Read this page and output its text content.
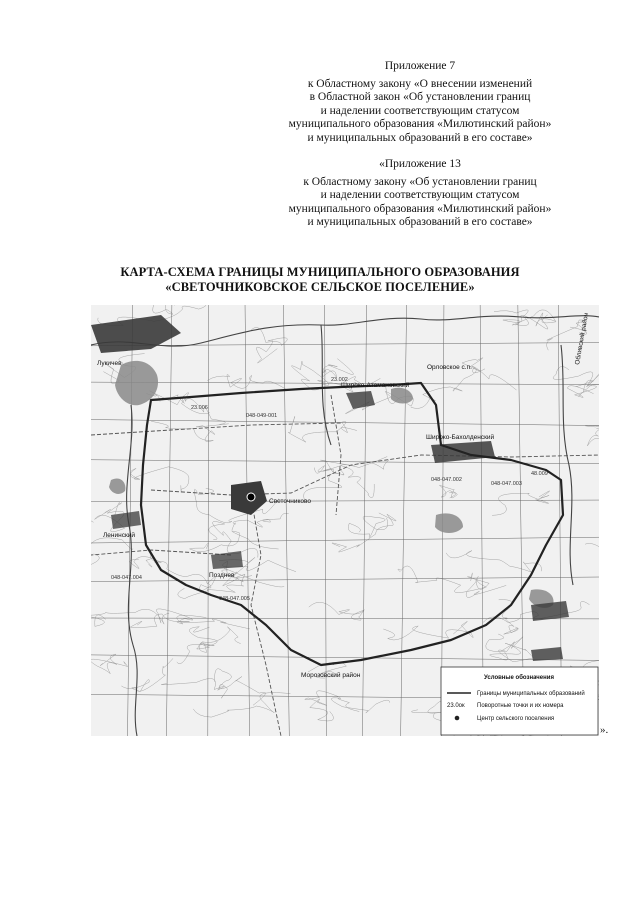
Приложение 7
к Областному закону «О внесении изменений
в Областной закон «Об установлении границ
и наделении соответствующим статусом
муниципального образования «Милютинский район»
и муниципальных образований в его составе»
«Приложение 13
к Областному закону «Об установлении границ
и наделении соответствующим статусом
муниципального образования «Милютинский район»
и муниципальных образований в его составе»
КАРТА-СХЕМА ГРАНИЦЫ МУНИЦИПАЛЬНОГО ОБРАЗОВАНИЯ
«СВЕТОЧНИКОВСКОЕ СЕЛЬСКОЕ ПОСЕЛЕНИЕ»
Светочниково
Широко-Атамановский
Широко-Бахолденский
Ленинский
Позднев
Морозовский район
Орловское с.п.
Обливский район
Лукичев
048-049-001
048-047.002
048-047.003
048-047.004
048-047.005
23.002
23.006
48.009
Условные обозначения
Границы муниципальных образований
23.0ок Поворотные точки и их номера
Центр сельского поселения
».
